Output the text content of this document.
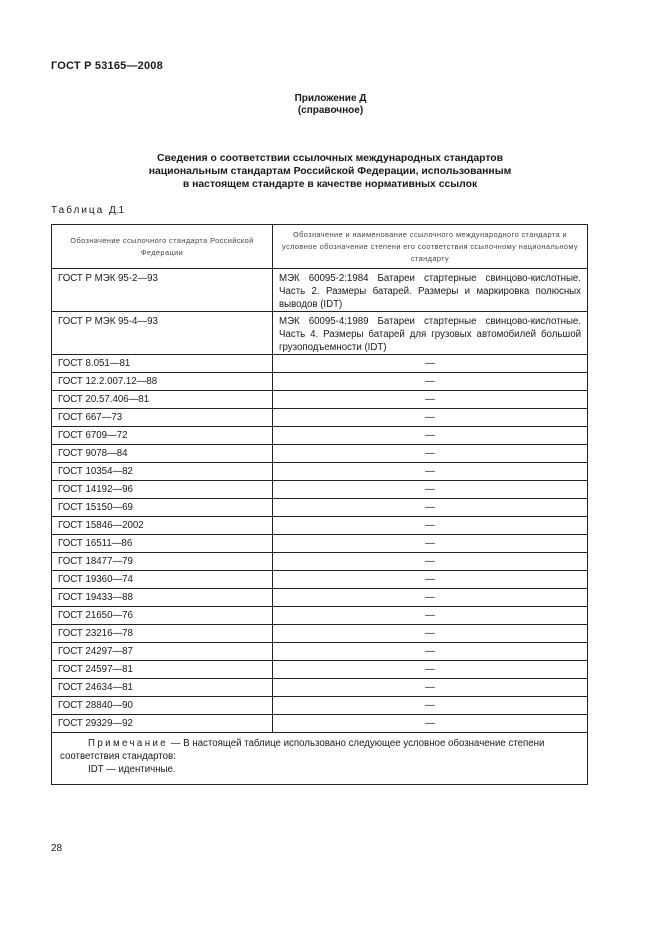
ГОСТ Р 53165—2008
Приложение Д
(справочное)
Сведения о соответствии ссылочных международных стандартов
национальным стандартам Российской Федерации, использованным
в настоящем стандарте в качестве нормативных ссылок
Таблица Д.1
Обозначение ссылочного стандарта Российской Федерации	Обозначение и наименование ссылочного международного стандарта и условное обозначение степени его соответствия ссылочному национальному стандарту
ГОСТ Р МЭК 95-2—93	МЭК 60095-2:1984 Батареи стартерные свинцово-кислотные. Часть 2. Размеры батарей. Размеры и маркировка полюсных выводов (IDT)
ГОСТ Р МЭК 95-4—93	МЭК 60095-4:1989 Батареи стартерные свинцово-кислотные. Часть 4. Размеры батарей для грузовых автомобилей большой грузоподъемности (IDT)
ГОСТ 8.051—81	—
ГОСТ 12.2.007.12—88	—
ГОСТ 20.57.406—81	—
ГОСТ 667—73	—
ГОСТ 6709—72	—
ГОСТ 9078—84	—
ГОСТ 10354—82	—
ГОСТ 14192—96	—
ГОСТ 15150—69	—
ГОСТ 15846—2002	—
ГОСТ 16511—86	—
ГОСТ 18477—79	—
ГОСТ 19360—74	—
ГОСТ 19433—88	—
ГОСТ 21650—76	—
ГОСТ 23216—78	—
ГОСТ 24297—87	—
ГОСТ 24597—81	—
ГОСТ 24634—81	—
ГОСТ 28840—90	—
ГОСТ 29329—92	—
Примечание — В настоящей таблице использовано следующее условное обозначение степени соответствия стандартов:
IDT — идентичные.	
28
